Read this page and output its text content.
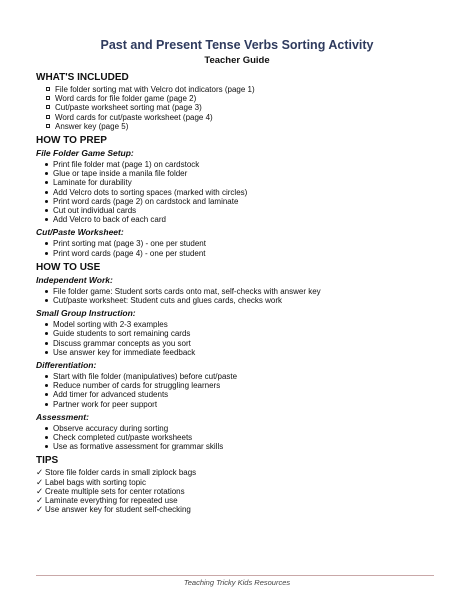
Past and Present Tense Verbs Sorting Activity
Teacher Guide
WHAT'S INCLUDED
File folder sorting mat with Velcro dot indicators (page 1)
Word cards for file folder game (page 2)
Cut/paste worksheet sorting mat (page 3)
Word cards for cut/paste worksheet (page 4)
Answer key (page 5)
HOW TO PREP
File Folder Game Setup:
Print file folder mat (page 1) on cardstock
Glue or tape inside a manila file folder
Laminate for durability
Add Velcro dots to sorting spaces (marked with circles)
Print word cards (page 2) on cardstock and laminate
Cut out individual cards
Add Velcro to back of each card
Cut/Paste Worksheet:
Print sorting mat (page 3) - one per student
Print word cards (page 4) - one per student
HOW TO USE
Independent Work:
File folder game: Student sorts cards onto mat, self-checks with answer key
Cut/paste worksheet: Student cuts and glues cards, checks work
Small Group Instruction:
Model sorting with 2-3 examples
Guide students to sort remaining cards
Discuss grammar concepts as you sort
Use answer key for immediate feedback
Differentiation:
Start with file folder (manipulatives) before cut/paste
Reduce number of cards for struggling learners
Add timer for advanced students
Partner work for peer support
Assessment:
Observe accuracy during sorting
Check completed cut/paste worksheets
Use as formative assessment for grammar skills
TIPS
✓ Store file folder cards in small ziplock bags
✓ Label bags with sorting topic
✓ Create multiple sets for center rotations
✓ Laminate everything for repeated use
✓ Use answer key for student self-checking
Teaching Tricky Kids Resources
